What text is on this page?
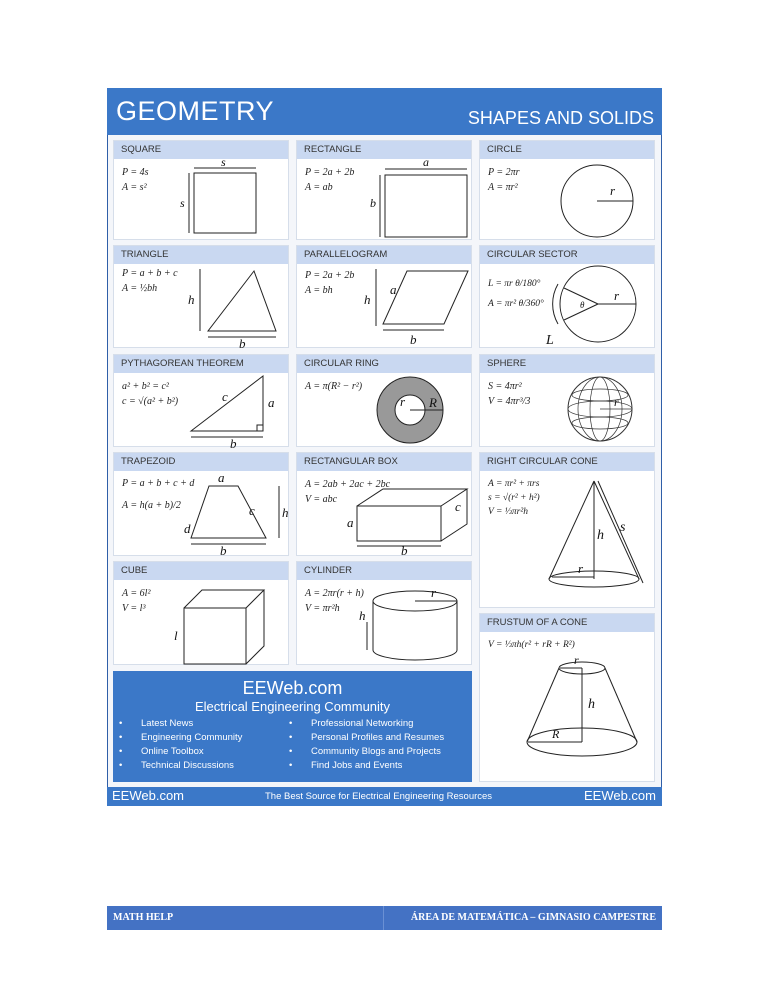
GEOMETRY	SHAPES AND SOLIDS
SQUARE
P = 4s
A = s²
s
s
RECTANGLE
P = 2a + 2b
A = ab
a
b
CIRCLE
P = 2πr
A = πr²	r
TRIANGLE
P = a + b + c
A = ½bh
h
b
PARALLELOGRAM
P = 2a + 2b
A = bh
h
a
b
CIRCULAR SECTOR
L = πr θ/180°
A = πr² θ/360°
L
θ
r
PYTHAGOREAN THEOREM
a² + b² = c²
c = √(a² + b²)	c	a
b
CIRCULAR RING
A = π(R² − r²)
r R
SPHERE
S = 4πr²
V = 4πr³/3	r
TRAPEZOID
P = a + b + c + d
A = h(a + b)/2
a
d
c h
b
RECTANGULAR BOX
A = 2ab + 2ac + 2bc
V = abc	c
a
b
RIGHT CIRCULAR CONE
A = πr² + πrs
s = √(r² + h²)
V = ⅓πr²h
h
s
r
CUBE
A = 6l²
V = l³
l
CYLINDER
A = 2πr(r + h)
V = πr²h
r
h	FRUSTUM OF A CONE
V = ⅓πh(r² + rR + R²)
r
h
R
EEWeb.com
Electrical Engineering Community
• Latest News
• Engineering Community
• Online Toolbox
• Technical Discussions
• Professional Networking
• Personal Profiles and Resumes
• Community Blogs and Projects
• Find Jobs and Events
EEWeb.com	The Best Source for Electrical Engineering Resources	EEWeb.com
MATH HELP	ÁREA DE MATEMÁTICA – GIMNASIO CAMPESTRE
